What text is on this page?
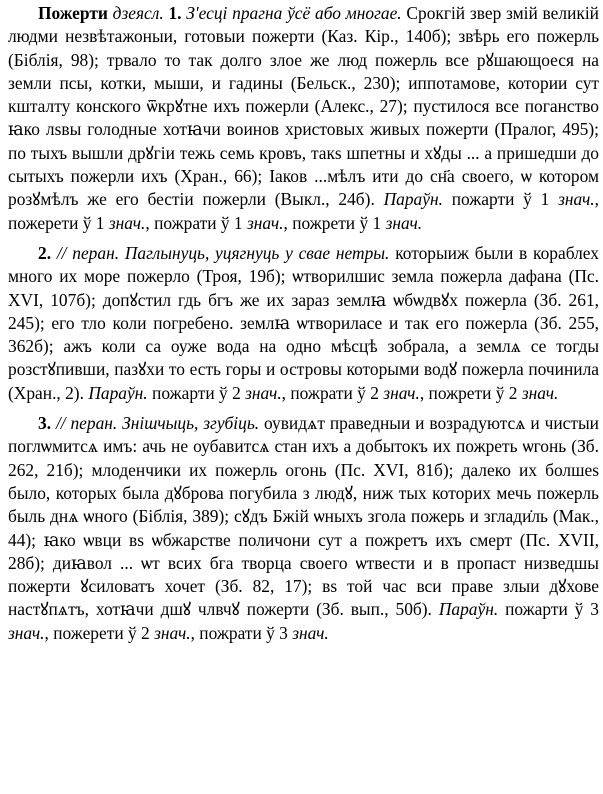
Пожерти дзеясл. 1. З'есці прагна ўсё або многае. Срокгій звер змій великій людми незвѣтажоныи, готовыи пожерти (Каз. Кір., 140б); звѣрь его пожерль (Біблія, 98); трвало то так долго злое же люд пожерль все рꙋшающоеся на земли псы, котки, мыши, и гадины (Бельск., 230); иппотамове, котории сут кшталту конского ѿкрꙋтне ихъ пожерли (Алекс., 27); пустилося все поганство ꙗко лѕвы голодные хотꙗчи воинов христовых живых пожерти (Пралог, 495); по тыхъ вышли дрꙋгіи тежь семь кровъ, такѕ шпетны и хꙋды ... а пришедши до сытыхъ пожерли ихъ (Хран., 66); Іаков ...мѣлъ ити до сн҃а своего, ѡ котором розꙋмѣлъ же его бестіи пожерли (Выкл., 24б). Параўн. пожарти ў 1 знач., пожерети ў 1 знач., пожрати ў 1 знач., пожрети ў 1 знач.

2. // перан. Паглынуць, уцягнуць у сваe нетры. которыиж были в кораблех много их море пожерло (Троя, 19б); ѡтворилшис земла пожерла дафана (Пс. XVI, 107б); допꙋстил гдь бгъ же их зараз землꙗ ѡбѡдвꙋх пожерла (Зб. 261, 245); его тло коли погребено. землꙗ ѡтвориласе и так его пожерла (Зб. 255, 362б); ажъ коли са оуже вода на одно мѣсцѣ зобрала, а землѧ се тогды розстꙋпивши, пазꙋхи то есть горы и острoвы которыми водꙋ пожерла починила (Хран., 2). Параўн. пожарти ў 2 знач., пожрати ў 2 знач., пожрети ў 2 знач.

3. // перан. Знішчыць, згубіць. оувидѧт праведныи и возрадуютсѧ и чистыи поглѡмитсѧ имъ: ачь не оубавитсѧ стан ихъ а добытокъ их пожреть ѡгонь (Зб. 262, 21б); млоденчики их пожерль огонь (Пс. XVI, 81б); далеко их болшеѕ было, которых была дꙋброва погубила з людꙋ, ниж тых которих мечь пожерль быль днѧ ѡного (Біблія, 389); сꙋдъ Бжій ѡныхъ згола пожерь и зглади̇ль (Мак., 44); ꙗко ѡвци вѕ ѡбжарстве поличони сут а пожретъ ихъ смерт (Пс. XVII, 28б); диꙗвол ... ѡт всих бга творца своего ѡтвести и в пропаст низведшы пожерти ꙋсиловатъ хочет (Зб. 82, 17); вѕ той час вси праве злыи дꙋхове настꙋпѧтъ, хотꙗчи дшꙋ члвчꙋ пожерти (Зб. вып., 50б). Параўн. пожарти ў 3 знач., пожерети ў 2 знач., пожрати ў 3 знач.
